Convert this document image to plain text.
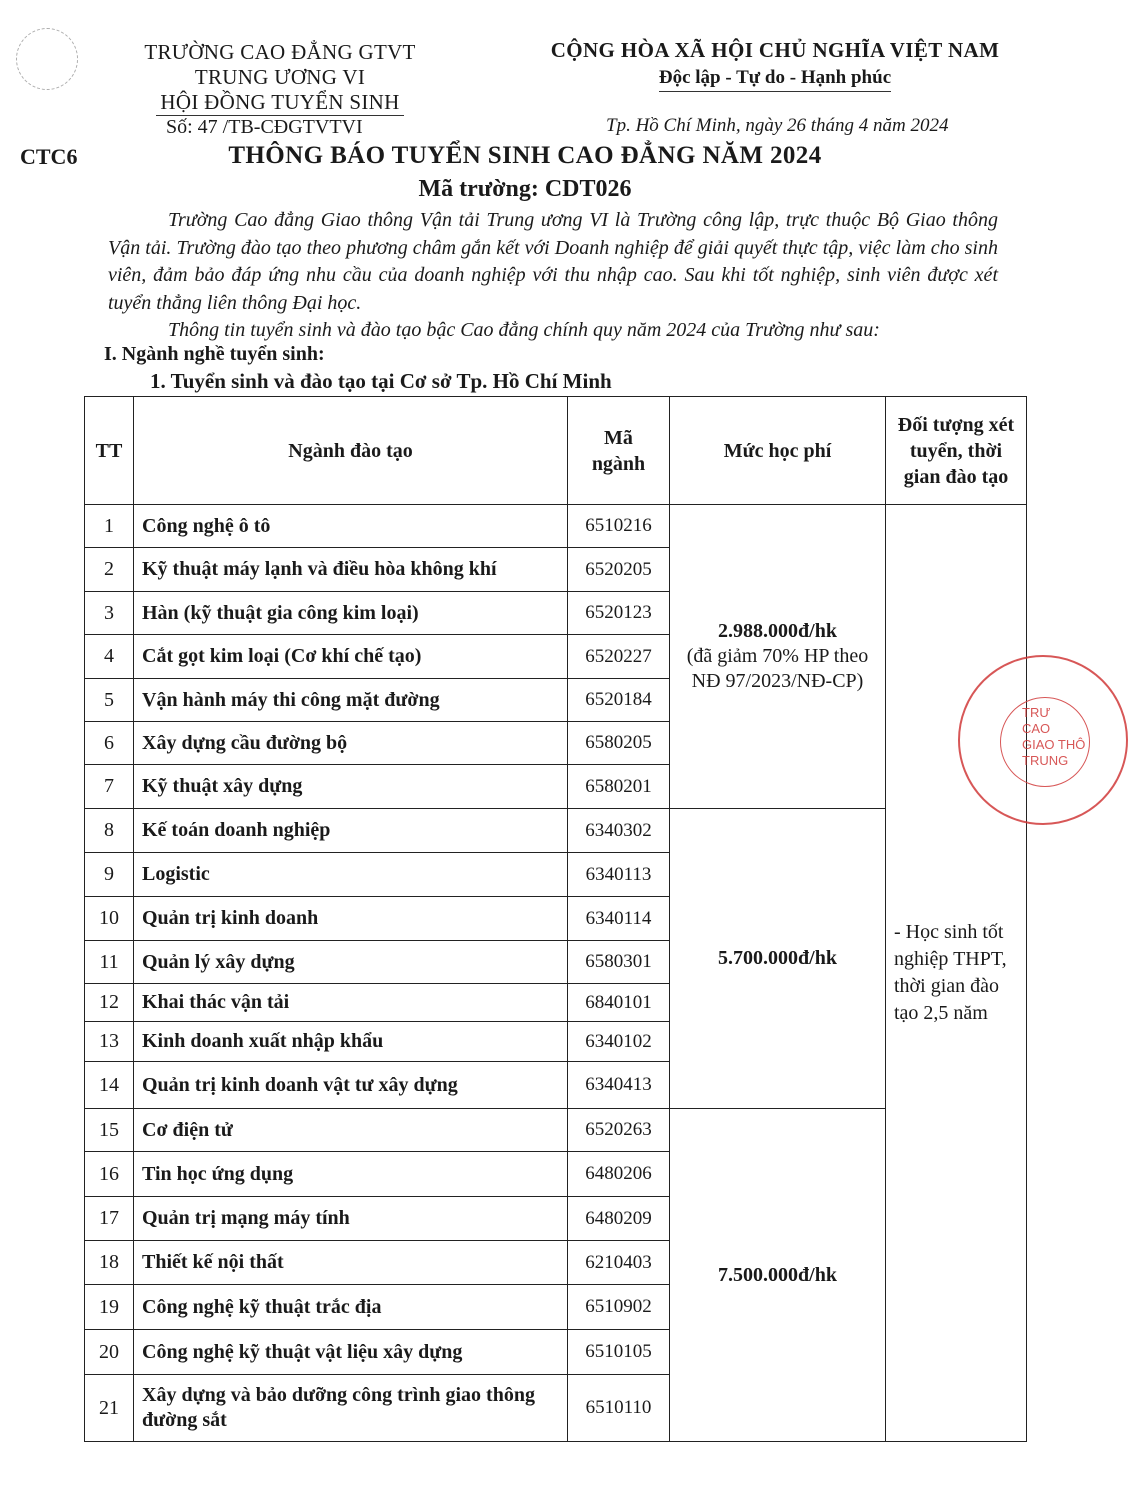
TRƯỜNG CAO ĐẲNG GTVT
TRUNG ƯƠNG VI
HỘI ĐỒNG TUYỂN SINH
Số: 47 /TB-CĐGTVTVI
CỘNG HÒA XÃ HỘI CHỦ NGHĨA VIỆT NAM
Độc lập - Tự do - Hạnh phúc
Tp. Hồ Chí Minh, ngày 26 tháng 4 năm 2024
CTC6	THÔNG BÁO TUYỂN SINH CAO ĐẲNG NĂM 2024
Mã trường: CDT026

Trường Cao đẳng Giao thông Vận tải Trung ương VI là Trường công lập, trực thuộc Bộ Giao thông Vận tải. Trường đào tạo theo phương châm gắn kết với Doanh nghiệp để giải quyết thực tập, việc làm cho sinh viên, đảm bảo đáp ứng nhu cầu của doanh nghiệp với thu nhập cao. Sau khi tốt nghiệp, sinh viên được xét tuyển thẳng liên thông Đại học.

Thông tin tuyển sinh và đào tạo bậc Cao đẳng chính quy năm 2024 của Trường như sau:

I. Ngành nghề tuyển sinh:
1. Tuyển sinh và đào tạo tại Cơ sở Tp. Hồ Chí Minh
TT	Ngành đào tạo	Mã ngành	Mức học phí	Đối tượng xét tuyển, thời gian đào tạo
1	Công nghệ ô tô	6510216	2.988.000đ/hk
(đã giảm 70% HP theo NĐ 97/2023/NĐ-CP)	- Học sinh tốt nghiệp THPT, thời gian đào tạo 2,5 năm
2	Kỹ thuật máy lạnh và điều hòa không khí	6520205		
3	Hàn (kỹ thuật gia công kim loại)	6520123		
4	Cắt gọt kim loại (Cơ khí chế tạo)	6520227		
5	Vận hành máy thi công mặt đường	6520184		
6	Xây dựng cầu đường bộ	6580205		
7	Kỹ thuật xây dựng	6580201		
8	Kế toán doanh nghiệp	6340302	5.700.000đ/hk	

9	Logistic	6340113		
10	Quản trị kinh doanh	6340114		
11	Quản lý xây dựng	6580301		
12	Khai thác vận tải	6840101		
13	Kinh doanh xuất nhập khẩu	6340102		
14	Quản trị kinh doanh vật tư xây dựng	6340413		
15	Cơ điện tử	6520263	7.500.000đ/hk	

16	Tin học ứng dụng	6480206		
17	Quản trị mạng máy tính	6480209		
18	Thiết kế nội thất	6210403		
19	Công nghệ kỹ thuật trắc địa	6510902		
20	Công nghệ kỹ thuật vật liệu xây dựng	6510105		
21	Xây dựng và bảo dưỡng công trình giao thông đường sắt	6510110		
TRƯ
CAO
GIAO THÔ
TRUNG
